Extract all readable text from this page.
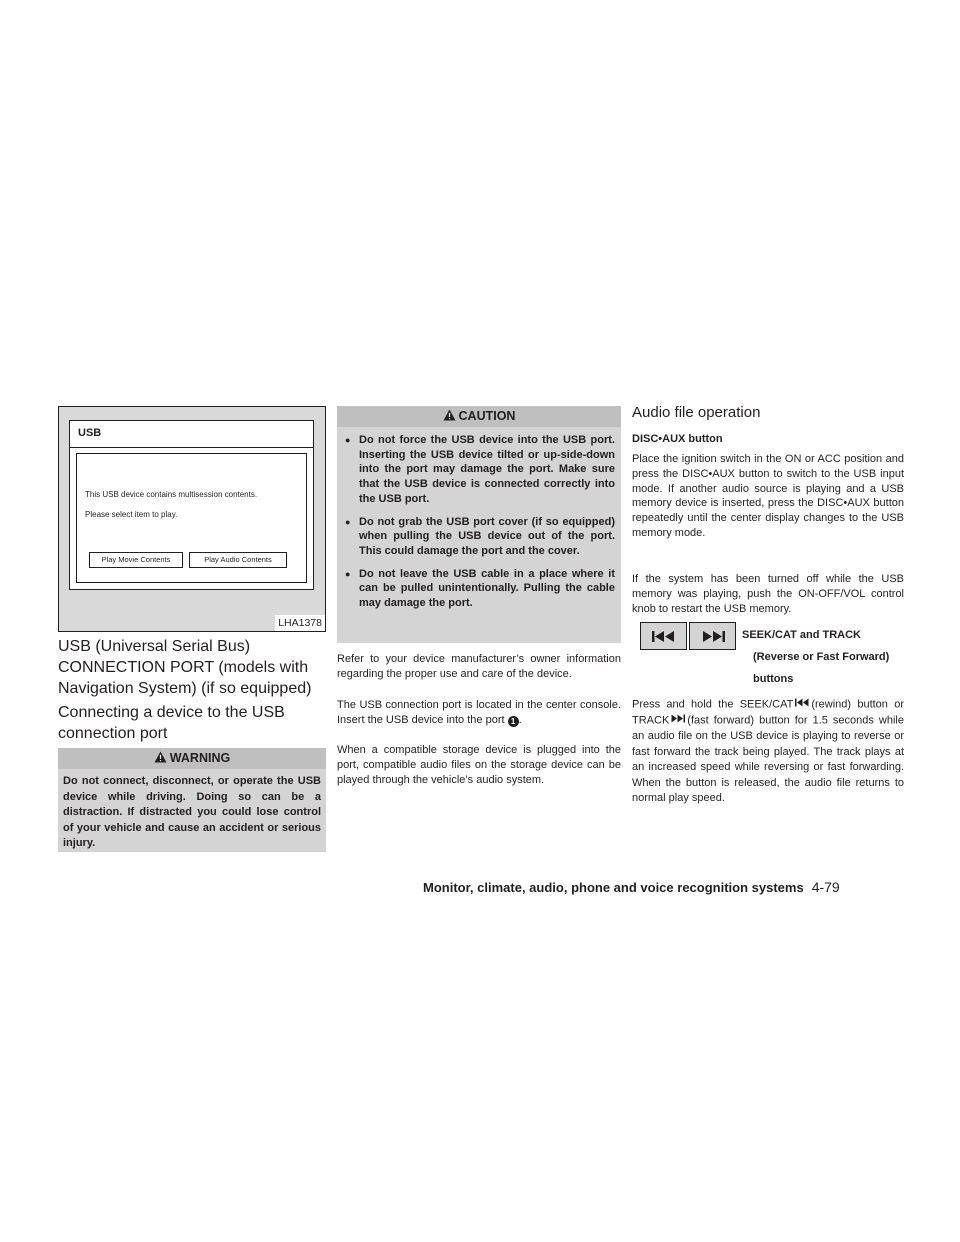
USB
This USB device contains multisession contents.
Please select item to play.
Play Movie Contents	Play Audio Contents
LHA1378
USB (Universal Serial Bus) CONNECTION PORT (models with Navigation System) (if so equipped)
Connecting a device to the USB connection port
WARNING
Do not connect, disconnect, or operate the USB device while driving. Doing so can be a distraction. If distracted you could lose control of your vehicle and cause an accident or serious injury.
CAUTION
● Do not force the USB device into the USB port. Inserting the USB device tilted or up-side-down into the port may damage the port. Make sure that the USB device is connected correctly into the USB port.
● Do not grab the USB port cover (if so equipped) when pulling the USB device out of the port. This could damage the port and the cover.
● Do not leave the USB cable in a place where it can be pulled unintentionally. Pulling the cable may damage the port.

Refer to your device manufacturer’s owner information regarding the proper use and care of the device.

The USB connection port is located in the center console. Insert the USB device into the port 1 .

When a compatible storage device is plugged into the port, compatible audio files on the storage device can be played through the vehicle’s audio system.

Audio file operation
DISC•AUX button

Place the ignition switch in the ON or ACC position and press the DISC•AUX button to switch to the USB input mode. If another audio source is playing and a USB memory device is inserted, press the DISC•AUX button repeatedly until the center display changes to the USB memory mode.

If the system has been turned off while the USB memory was playing, push the ON-OFF/VOL control knob to restart the USB memory.

SEEK/CAT and TRACK
(Reverse or Fast Forward)
buttons

Press and hold the SEEK/CAT (rewind) button or TRACK (fast forward) button for 1.5 seconds while an audio file on the USB device is playing to reverse or fast forward the track being played. The track plays at an increased speed while reversing or fast forwarding. When the button is released, the audio file returns to normal play speed.

Monitor, climate, audio, phone and voice recognition systems 4-79
